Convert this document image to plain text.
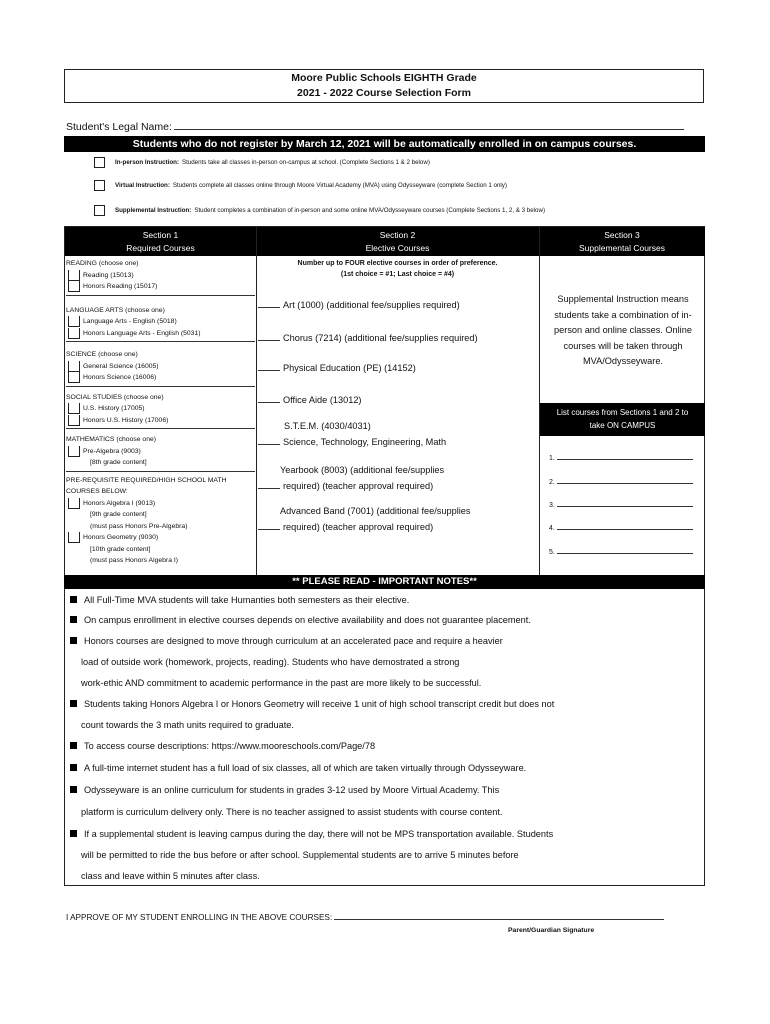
Moore Public Schools EIGHTH Grade
2021 - 2022 Course Selection Form
Student's Legal Name:
Students who do not register by March 12, 2021 will be automatically enrolled in on campus courses.
In-person Instruction: Students take all classes in-person on-campus at school. (Complete Sections 1 & 2 below)
Virtual Instruction: Students complete all classes online through Moore Virtual Academy (MVA) using Odysseyware (complete Section 1 only)
Supplemental Instruction: Student completes a combination of in-person and some online MVA/Odysseyware courses (Complete Sections 1, 2, & 3 below)
Section 1
Required Courses
Section 2
Elective Courses
Section 3
Supplemental Courses
READING (choose one)
Reading (15013)
Honors Reading (15017)
LANGUAGE ARTS (choose one)
Language Arts - English (5018)
Honors Language Arts - English (5031)
SCIENCE (choose one)
General Science (16005)
Honors Science (16006)
SOCIAL STUDIES (choose one)
U.S. History (17005)
Honors U.S. History (17006)
MATHEMATICS (choose one)
Pre-Algebra (9003)
[8th grade content]
PRE-REQUISITE REQUIRED/HIGH SCHOOL MATH
COURSES BELOW:
Honors Algebra I (9013)
[9th grade content]
(must pass Honors Pre-Algebra)
Honors Geometry (9030)
[10th grade content]
(must pass Honors Algebra I)
Number up to FOUR elective courses in order of preference.
(1st choice = #1; Last choice = #4)
Art (1000) (additional fee/supplies required)
Chorus (7214) (additional fee/supplies required)
Physical Education (PE) (14152)
Office Aide (13012)
S.T.E.M. (4030/4031)
Science, Technology, Engineering, Math
Yearbook (8003) (additional fee/supplies
required) (teacher approval required)
Advanced Band (7001) (additional fee/supplies
required) (teacher approval required)
Supplemental Instruction means
students take a combination of in-
person and online classes. Online
courses will be taken through
MVA/Odysseyware.
List courses from Sections 1 and 2 to
take ON CAMPUS
1.
2.
3.
4.
5.
** PLEASE READ - IMPORTANT NOTES**
All Full-Time MVA students will take Humanties both semesters as their elective.
On campus enrollment in elective courses depends on elective availability and does not guarantee placement.
Honors courses are designed to move through curriculum at an accelerated pace and require a heavier
load of outside work (homework, projects, reading). Students who have demostrated a strong
work-ethic AND commitment to academic performance in the past are more likely to be successful.
Students taking Honors Algebra I or Honors Geometry will receive 1 unit of high school transcript credit but does not
count towards the 3 math units required to graduate.
To access course descriptions: https://www.mooreschools.com/Page/78
A full-time internet student has a full load of six classes, all of which are taken virtually through Odysseyware.
Odysseyware is an online curriculum for students in grades 3-12 used by Moore Virtual Academy. This
platform is curriculum delivery only. There is no teacher assigned to assist students with course content.
If a supplemental student is leaving campus during the day, there will not be MPS transportation available. Students
will be permitted to ride the bus before or after school. Supplemental students are to arrive 5 minutes before
class and leave within 5 minutes after class.
I APPROVE OF MY STUDENT ENROLLING IN THE ABOVE COURSES:
Parent/Guardian Signature
